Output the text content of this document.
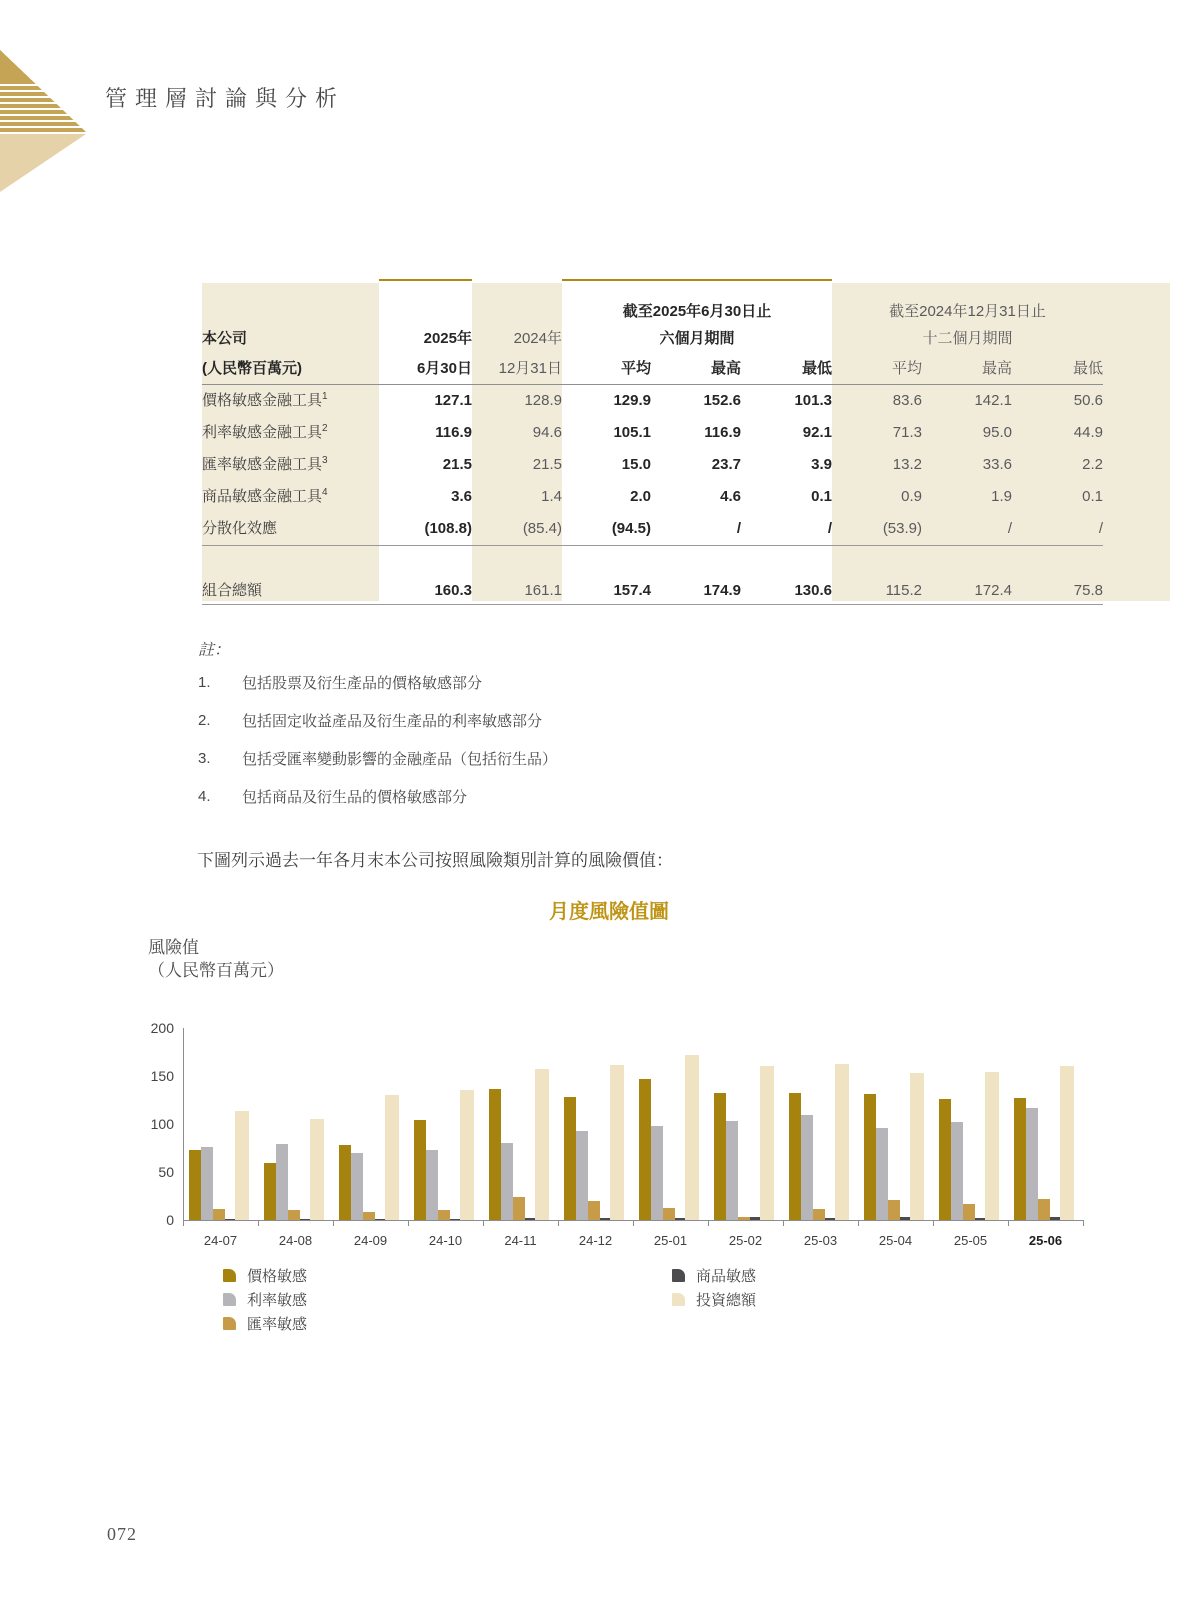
管理層討論與分析
			截至2025年6月30日止			截至2024年12月31日止		
本公司	2025年	2024年	六個月期間			十二個月期間		
(人民幣百萬元)	6月30日	12月31日	平均	最高	最低	平均	最高	最低
價格敏感金融工具$^1$	127.1	128.9	129.9	152.6	101.3	83.6	142.1	50.6
利率敏感金融工具$^2$	116.9	94.6	105.1	116.9	92.1	71.3	95.0	44.9
匯率敏感金融工具$^3$	21.5	21.5	15.0	23.7	3.9	13.2	33.6	2.2
商品敏感金融工具$^4$	3.6	1.4	2.0	4.6	0.1	0.9	1.9	0.1
分散化效應	(108.8)	(85.4)	(94.5)	/	/	(53.9)	/	/

組合總額	160.3	161.1	157.4	174.9	130.6	115.2	172.4	75.8
註：
1.	包括股票及衍生產品的價格敏感部分
2.	包括固定收益產品及衍生產品的利率敏感部分
3.	包括受匯率變動影響的金融產品（包括衍生品）
4.	包括商品及衍生品的價格敏感部分
下圖列示過去一年各月末本公司按照風險類別計算的風險價值：
月度風險值圖
風險值
（人民幣百萬元）
0
50
100
150
200
24-07	24-08	24-09	24-10	24-11	24-12	25-01	25-02	25-03	25-04	25-05	25-06
072
價格敏感
利率敏感
匯率敏感
商品敏感
投資總額
